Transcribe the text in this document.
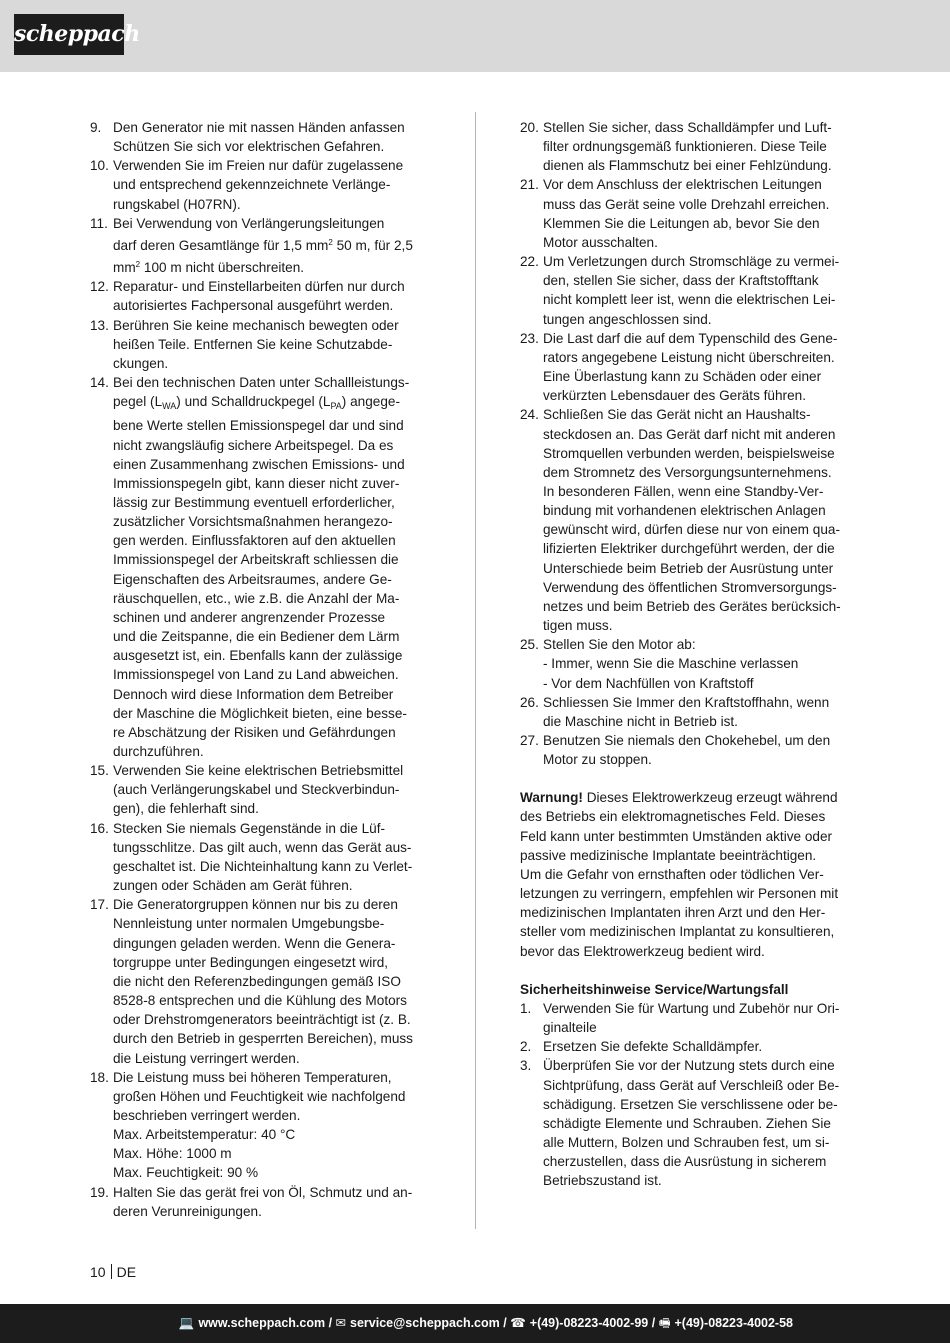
scheppach
9. Den Generator nie mit nassen Händen anfassen
Schützen Sie sich vor elektrischen Gefahren.
10. Verwenden Sie im Freien nur dafür zugelassene
und entsprechend gekennzeichnete Verlänge-
rungskabel (H07RN).
11. Bei Verwendung von Verlängerungsleitungen
darf deren Gesamtlänge für 1,5 $mm^2$ 50 m, für 2,5
$mm^2$ 100 m nicht überschreiten.
12. Reparatur- und Einstellarbeiten dürfen nur durch
autorisiertes Fachpersonal ausgeführt werden.
13. Berühren Sie keine mechanisch bewegten oder
heißen Teile. Entfernen Sie keine Schutzabde-
ckungen.
14. Bei den technischen Daten unter Schallleistungs-
pegel $(L_{WA})$ und Schalldruckpegel $(L_{PA})$ angege-
bene Werte stellen Emissionspegel dar und sind
nicht zwangsläufig sichere Arbeitspegel. Da es
einen Zusammenhang zwischen Emissions- und
Immissionspegeln gibt, kann dieser nicht zuver-
lässig zur Bestimmung eventuell erforderlicher,
zusätzlicher Vorsichtsmaßnahmen herangezo-
gen werden. Einflussfaktoren auf den aktuellen
Immissionspegel der Arbeitskraft schliessen die
Eigenschaften des Arbeitsraumes, andere Ge-
räuschquellen, etc., wie z.B. die Anzahl der Ma-
schinen und anderer angrenzender Prozesse
und die Zeitspanne, die ein Bediener dem Lärm
ausgesetzt ist, ein. Ebenfalls kann der zulässige
Immissionspegel von Land zu Land abweichen.
Dennoch wird diese Information dem Betreiber
der Maschine die Möglichkeit bieten, eine besse-
re Abschätzung der Risiken und Gefährdungen
durchzuführen.
15. Verwenden Sie keine elektrischen Betriebsmittel
(auch Verlängerungskabel und Steckverbindun-
gen), die fehlerhaft sind.
16. Stecken Sie niemals Gegenstände in die Lüf-
tungsschlitze. Das gilt auch, wenn das Gerät aus-
geschaltet ist. Die Nichteinhaltung kann zu Verlet-
zungen oder Schäden am Gerät führen.
17. Die Generatorgruppen können nur bis zu deren
Nennleistung unter normalen Umgebungsbe-
dingungen geladen werden. Wenn die Genera-
torgruppe unter Bedingungen eingesetzt wird,
die nicht den Referenzbedingungen gemäß ISO
8528-8 entsprechen und die Kühlung des Motors
oder Drehstromgenerators beeinträchtigt ist (z. B.
durch den Betrieb in gesperrten Bereichen), muss
die Leistung verringert werden.
18. Die Leistung muss bei höheren Temperaturen,
großen Höhen und Feuchtigkeit wie nachfolgend
beschrieben verringert werden.
Max. Arbeitstemperatur: 40 °C
Max. Höhe: 1000 m
Max. Feuchtigkeit: 90 %
19. Halten Sie das gerät frei von Öl, Schmutz und an-
deren Verunreinigungen.
20. Stellen Sie sicher, dass Schalldämpfer und Luft-
filter ordnungsgemäß funktionieren. Diese Teile
dienen als Flammschutz bei einer Fehlzündung.
21. Vor dem Anschluss der elektrischen Leitungen
muss das Gerät seine volle Drehzahl erreichen.
Klemmen Sie die Leitungen ab, bevor Sie den
Motor ausschalten.
22. Um Verletzungen durch Stromschläge zu vermei-
den, stellen Sie sicher, dass der Kraftstofftank
nicht komplett leer ist, wenn die elektrischen Lei-
tungen angeschlossen sind.
23. Die Last darf die auf dem Typenschild des Gene-
rators angegebene Leistung nicht überschreiten.
Eine Überlastung kann zu Schäden oder einer
verkürzten Lebensdauer des Geräts führen.
24. Schließen Sie das Gerät nicht an Haushalts-
steckdosen an. Das Gerät darf nicht mit anderen
Stromquellen verbunden werden, beispielsweise
dem Stromnetz des Versorgungsunternehmens.
In besonderen Fällen, wenn eine Standby-Ver-
bindung mit vorhandenen elektrischen Anlagen
gewünscht wird, dürfen diese nur von einem qua-
lifizierten Elektriker durchgeführt werden, der die
Unterschiede beim Betrieb der Ausrüstung unter
Verwendung des öffentlichen Stromversorgungs-
netzes und beim Betrieb des Gerätes berücksich-
tigen muss.
25. Stellen Sie den Motor ab:
- Immer, wenn Sie die Maschine verlassen
- Vor dem Nachfüllen von Kraftstoff
26. Schliessen Sie Immer den Kraftstoffhahn, wenn
die Maschine nicht in Betrieb ist.
27. Benutzen Sie niemals den Chokehebel, um den
Motor zu stoppen.
Warnung! Dieses Elektrowerkzeug erzeugt während
des Betriebs ein elektromagnetisches Feld. Dieses
Feld kann unter bestimmten Umständen aktive oder
passive medizinische Implantate beeinträchtigen.
Um die Gefahr von ernsthaften oder tödlichen Ver-
letzungen zu verringern, empfehlen wir Personen mit
medizinischen Implantaten ihren Arzt und den Her-
steller vom medizinischen Implantat zu konsultieren,
bevor das Elektrowerkzeug bedient wird.
Sicherheitshinweise Service/Wartungsfall
1. Verwenden Sie für Wartung und Zubehör nur Ori-
ginalteile
2. Ersetzen Sie defekte Schalldämpfer.
3. Überprüfen Sie vor der Nutzung stets durch eine
Sichtprüfung, dass Gerät auf Verschleiß oder Be-
schädigung. Ersetzen Sie verschlissene oder be-
schädigte Elemente und Schrauben. Ziehen Sie
alle Muttern, Bolzen und Schrauben fest, um si-
cherzustellen, dass die Ausrüstung in sicherem
Betriebszustand ist.
10 DE
💻 www.scheppach.com / ✉ service@scheppach.com / ☎ +(49)-08223-4002-99 / 🖷 +(49)-08223-4002-58
